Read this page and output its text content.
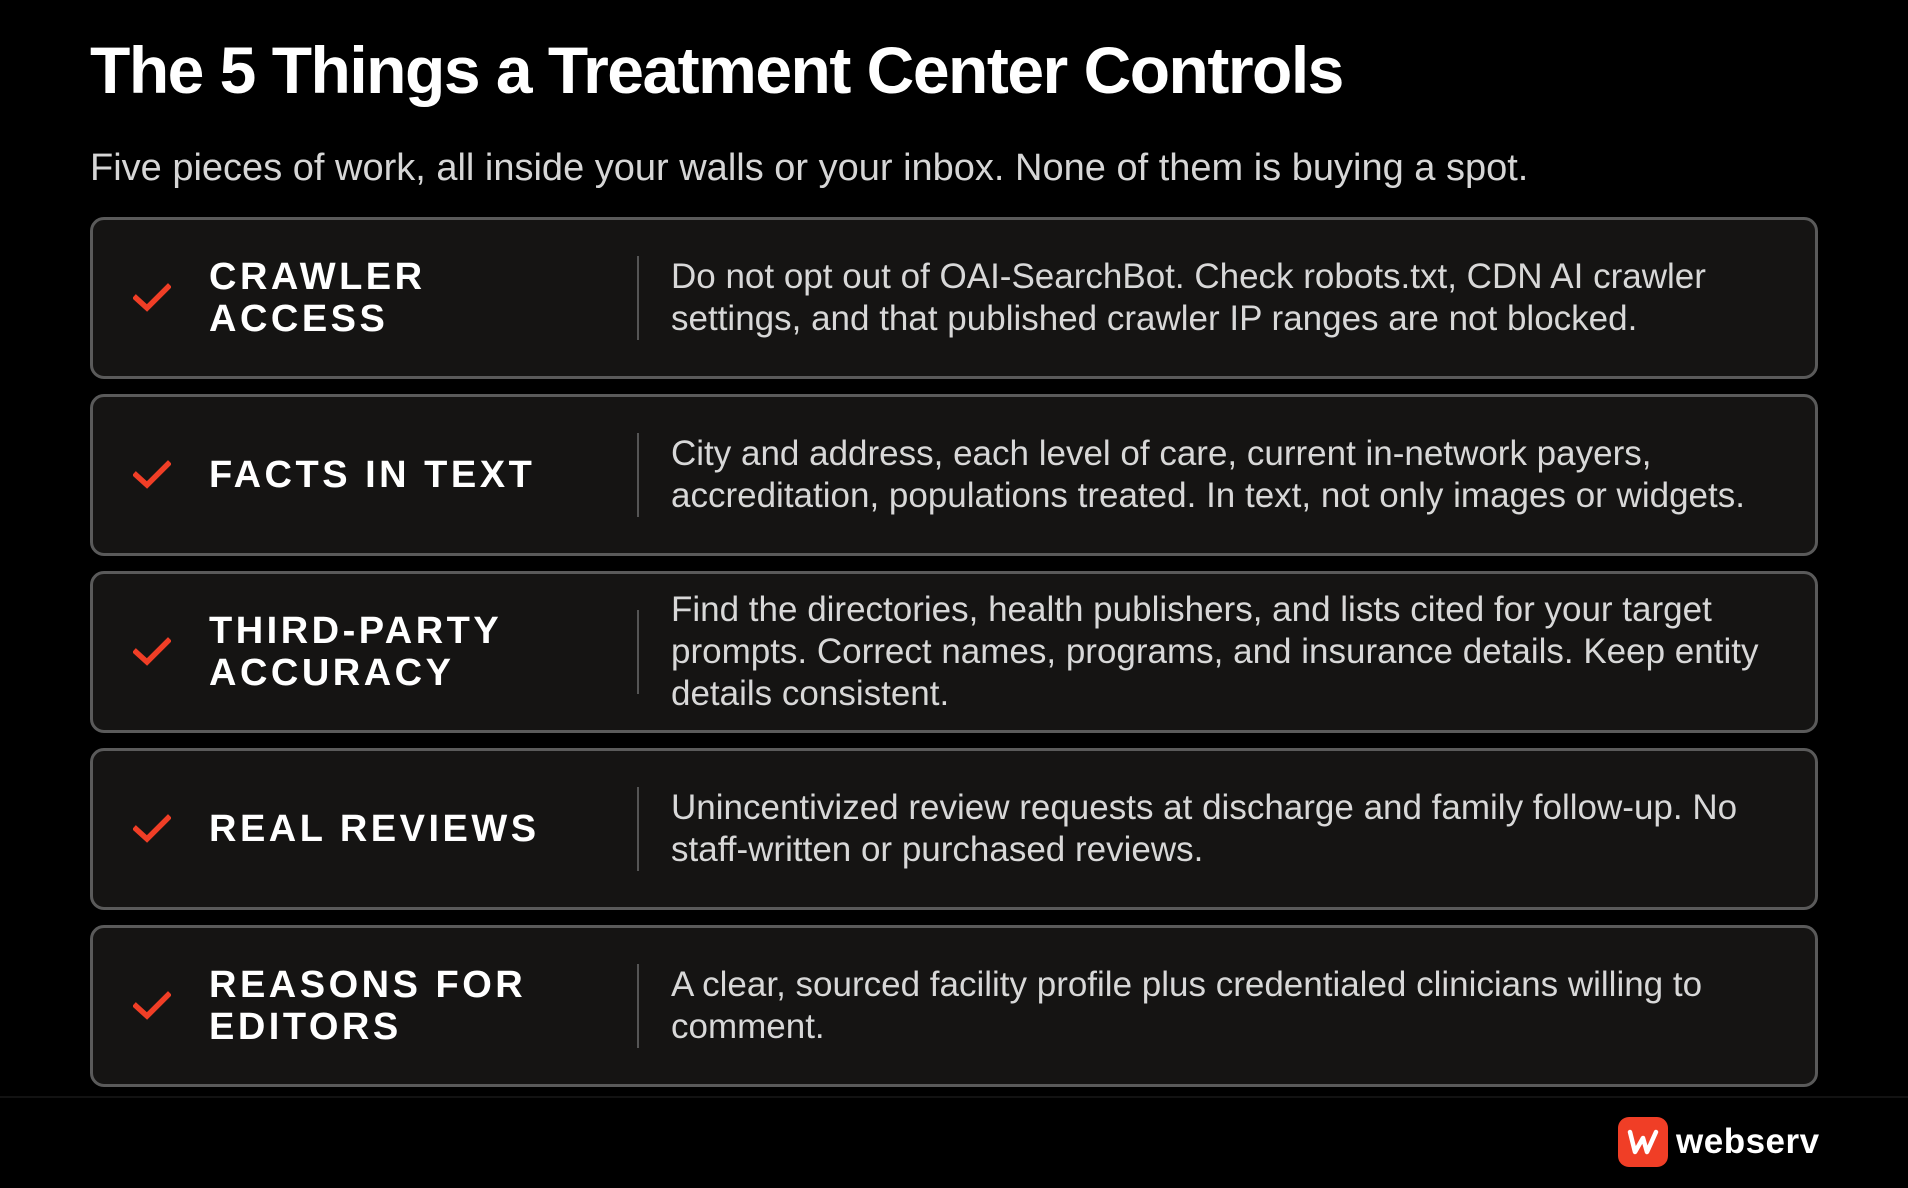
The 5 Things a Treatment Center Controls

Five pieces of work, all inside your walls or your inbox. None of them is buying a spot.

CRAWLER ACCESS
Do not opt out of OAI-SearchBot. Check robots.txt, CDN AI crawler settings, and that published crawler IP ranges are not blocked.
FACTS IN TEXT
City and address, each level of care, current in-network payers, accreditation, populations treated. In text, not only images or widgets.
THIRD-PARTY ACCURACY
Find the directories, health publishers, and lists cited for your target prompts. Correct names, programs, and insurance details. Keep entity details consistent.
REAL REVIEWS
Unincentivized review requests at discharge and family follow-up. No staff-written or purchased reviews.
REASONS FOR EDITORS
A clear, sourced facility profile plus credentialed clinicians willing to comment.
webserv
